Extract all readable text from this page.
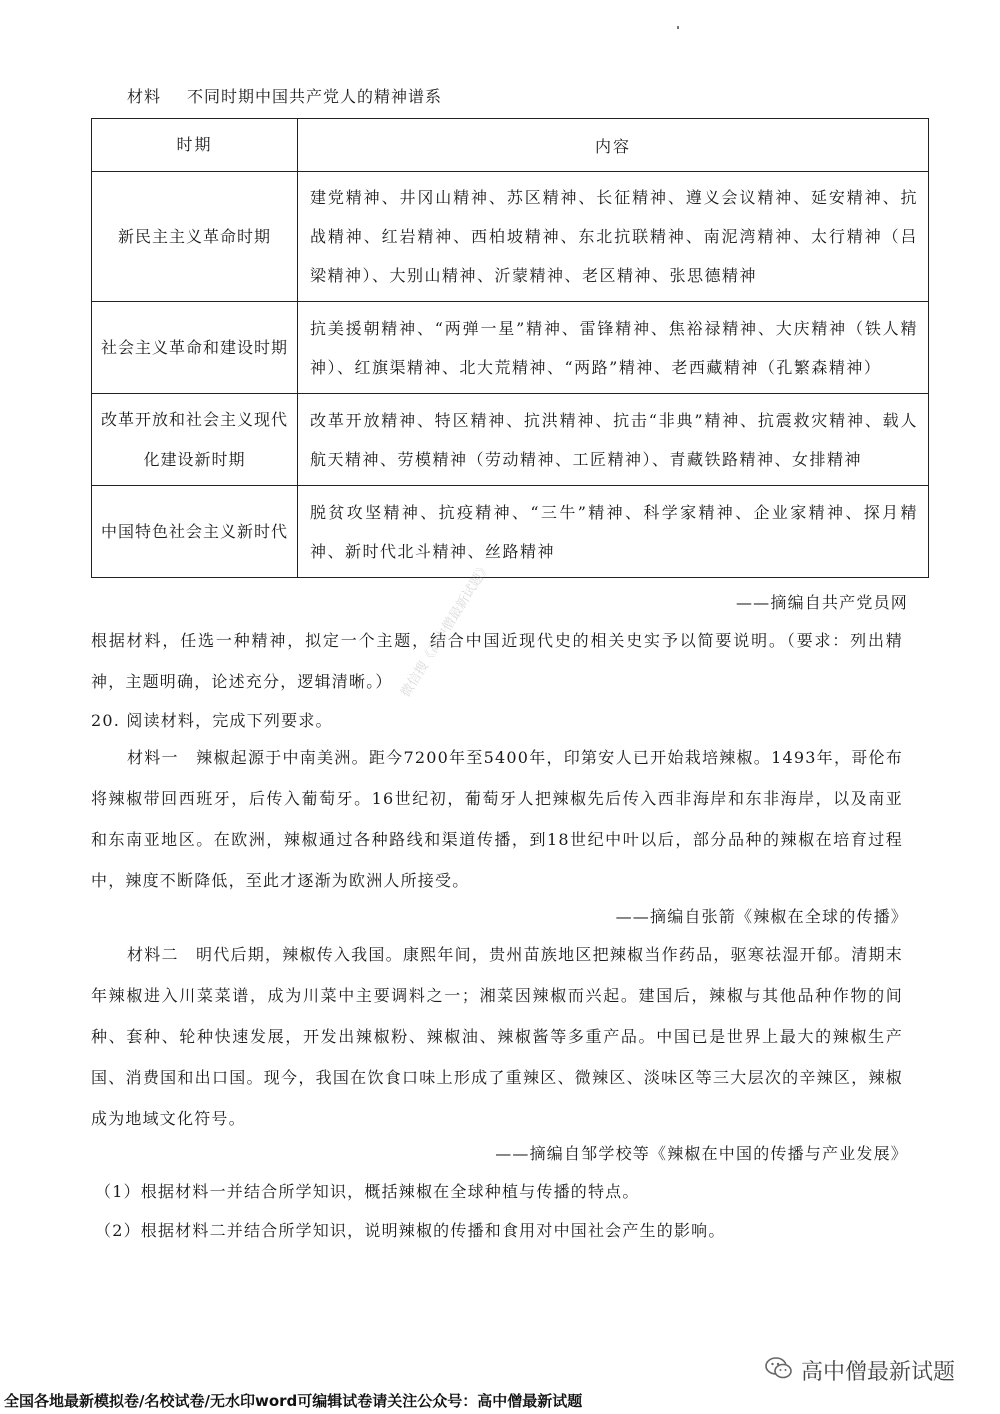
材料 不同时期中国共产党人的精神谱系
时期	内容
新民主主义革命时期	建党精神、井冈山精神、苏区精神、长征精神、遵义会议精神、延安精神、抗战精神、红岩精神、西柏坡精神、东北抗联精神、南泥湾精神、太行精神（吕梁精神）、大别山精神、沂蒙精神、老区精神、张思德精神
社会主义革命和建设时期	抗美援朝精神、“两弹一星”精神、雷锋精神、焦裕禄精神、大庆精神（铁人精神）、红旗渠精神、北大荒精神、“两路”精神、老西藏精神（孔繁森精神）
改革开放和社会主义现代化建设新时期	改革开放精神、特区精神、抗洪精神、抗击“非典”精神、抗震救灾精神、载人航天精神、劳模精神（劳动精神、工匠精神）、青藏铁路精神、女排精神
中国特色社会主义新时代	脱贫攻坚精神、抗疫精神、“三牛”精神、科学家精神、企业家精神、探月精神、新时代北斗精神、丝路精神
——摘编自共产党员网
根据材料，任选一种精神，拟定一个主题，结合中国近现代史的相关史实予以简要说明。（要求：列出精神，主题明确，论述充分，逻辑清晰。）
20. 阅读材料，完成下列要求。
材料一　辣椒起源于中南美洲。距今7200年至5400年，印第安人已开始栽培辣椒。1493年，哥伦布将辣椒带回西班牙，后传入葡萄牙。16世纪初，葡萄牙人把辣椒先后传入西非海岸和东非海岸，以及南亚和东南亚地区。在欧洲，辣椒通过各种路线和渠道传播，到18世纪中叶以后，部分品种的辣椒在培育过程中，辣度不断降低，至此才逐渐为欧洲人所接受。
——摘编自张箭《辣椒在全球的传播》
材料二　明代后期，辣椒传入我国。康熙年间，贵州苗族地区把辣椒当作药品，驱寒祛湿开郁。清期末年辣椒进入川菜菜谱，成为川菜中主要调料之一；湘菜因辣椒而兴起。建国后，辣椒与其他品种作物的间种、套种、轮种快速发展，开发出辣椒粉、辣椒油、辣椒酱等多重产品。中国已是世界上最大的辣椒生产国、消费国和出口国。现今，我国在饮食口味上形成了重辣区、微辣区、淡味区等三大层次的辛辣区，辣椒成为地域文化符号。
——摘编自邹学校等《辣椒在中国的传播与产业发展》
（1）根据材料一并结合所学知识，概括辣椒在全球种植与传播的特点。
（2）根据材料二并结合所学知识，说明辣椒的传播和食用对中国社会产生的影响。
微信搜《高中僧最新试题》
高中僧最新试题
全国各地最新模拟卷/名校试卷/无水印word可编辑试卷请关注公众号：高中僧最新试题
